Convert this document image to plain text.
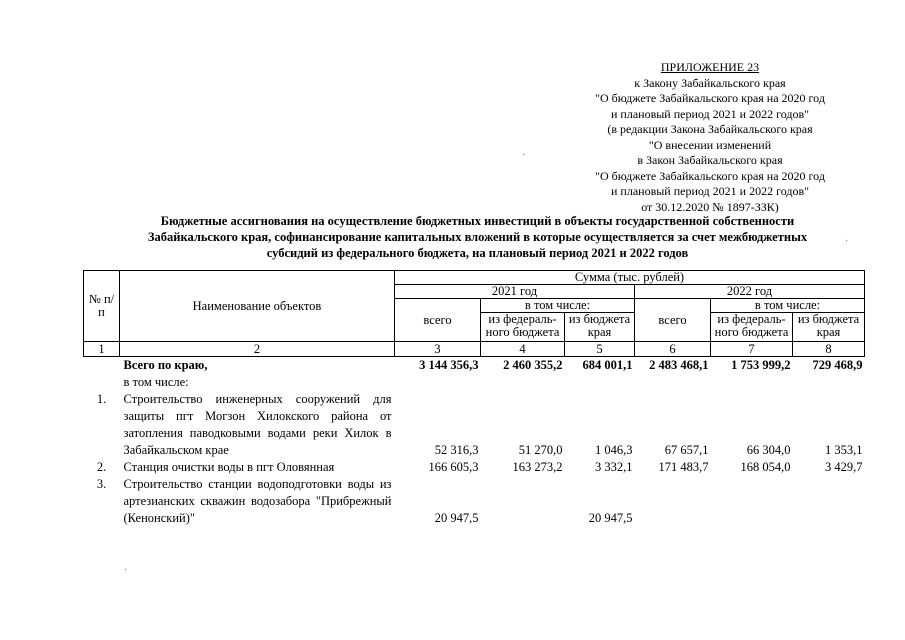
ПРИЛОЖЕНИЕ 23
к Закону Забайкальского края
"О бюджете Забайкальского края на 2020 год
и плановый период 2021 и 2022 годов"
(в редакции Закона Забайкальского края
"О внесении изменений
в Закон Забайкальского края
"О бюджете Забайкальского края на 2020 год
и плановый период 2021 и 2022 годов"
от 30.12.2020 № 1897-ЗЗК)
Бюджетные ассигнования на осуществление бюджетных инвестиций в объекты государственной собственности
Забайкальского края, софинансирование капитальных вложений в которые осуществляется за счет межбюджетных
субсидий из федерального бюджета, на плановый период 2021 и 2022 годов
№ п/п	Наименование объектов	Сумма (тыс. рублей)					
		2021 год			2022 год		
		всего	в том числе:		всего	в том числе:	
			из федераль-ного бюджета	из бюджета края		из федераль-ного бюджета	из бюджета края
1	2	3	4	5	6	7	8
	Всего по краю,	3 144 356,3	2 460 355,2	684 001,1	2 483 468,1	1 753 999,2	729 468,9
	в том числе:						
1.	Строительство инженерных сооружений для защиты пгт Могзон Хилокского района от затопления паводковыми водами реки Хилок в Забайкальском крае	52 316,3	51 270,0	1 046,3	67 657,1	66 304,0	1 353,1
2.	Станция очистки воды в пгт Оловянная	166 605,3	163 273,2	3 332,1	171 483,7	168 054,0	3 429,7
3.	Строительство станции водоподготовки воды из артезианских скважин водозабора "Прибрежный (Кенонский)"	20 947,5		20 947,5			
·
·
·
